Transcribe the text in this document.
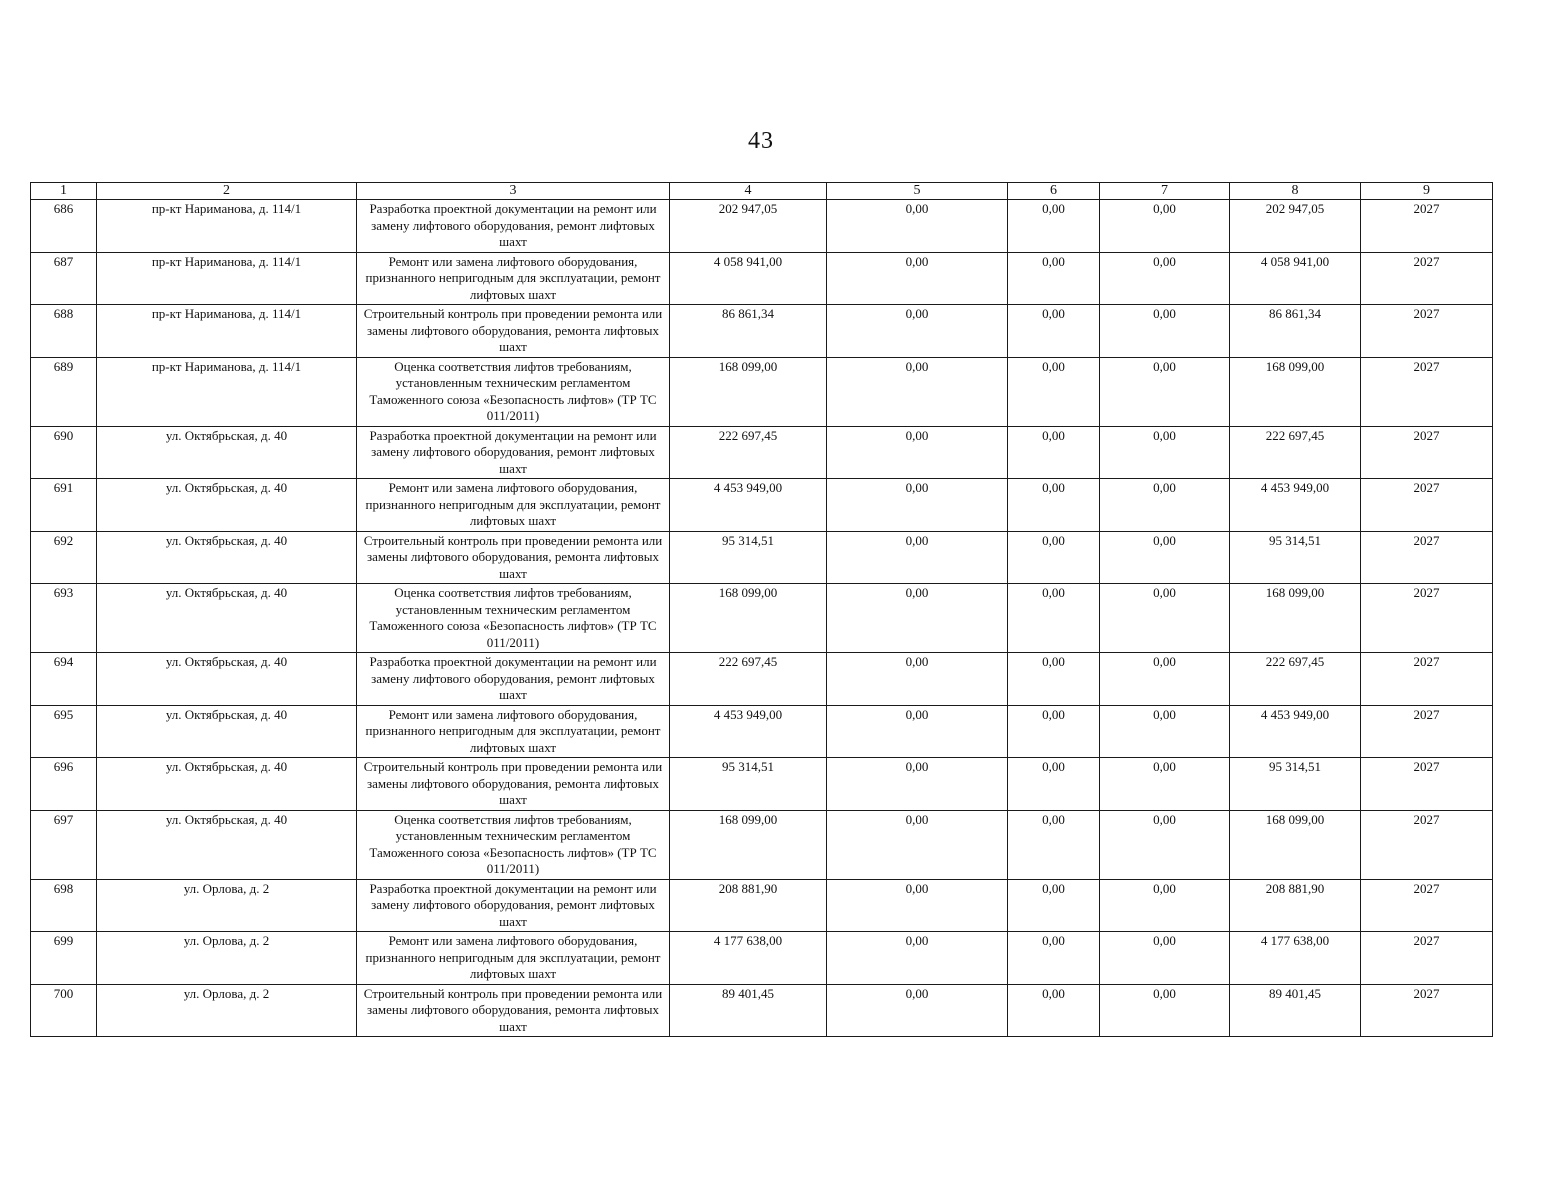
43
1	2	3	4	5	6	7	8	9
686	пр-кт Нариманова, д. 114/1	Разработка проектной документации на ремонт или замену лифтового оборудования, ремонт лифтовых шахт	202 947,05	0,00	0,00	0,00	202 947,05	2027
687	пр-кт Нариманова, д. 114/1	Ремонт или замена лифтового оборудования, признанного непригодным для эксплуатации, ремонт лифтовых шахт	4 058 941,00	0,00	0,00	0,00	4 058 941,00	2027
688	пр-кт Нариманова, д. 114/1	Строительный контроль при проведении ремонта или замены лифтового оборудования, ремонта лифтовых шахт	86 861,34	0,00	0,00	0,00	86 861,34	2027
689	пр-кт Нариманова, д. 114/1	Оценка соответствия лифтов требованиям, установленным техническим регламентом Таможенного союза «Безопасность лифтов» (ТР ТС 011/2011)	168 099,00	0,00	0,00	0,00	168 099,00	2027
690	ул. Октябрьская, д. 40	Разработка проектной документации на ремонт или замену лифтового оборудования, ремонт лифтовых шахт	222 697,45	0,00	0,00	0,00	222 697,45	2027
691	ул. Октябрьская, д. 40	Ремонт или замена лифтового оборудования, признанного непригодным для эксплуатации, ремонт лифтовых шахт	4 453 949,00	0,00	0,00	0,00	4 453 949,00	2027
692	ул. Октябрьская, д. 40	Строительный контроль при проведении ремонта или замены лифтового оборудования, ремонта лифтовых шахт	95 314,51	0,00	0,00	0,00	95 314,51	2027
693	ул. Октябрьская, д. 40	Оценка соответствия лифтов требованиям, установленным техническим регламентом Таможенного союза «Безопасность лифтов» (ТР ТС 011/2011)	168 099,00	0,00	0,00	0,00	168 099,00	2027
694	ул. Октябрьская, д. 40	Разработка проектной документации на ремонт или замену лифтового оборудования, ремонт лифтовых шахт	222 697,45	0,00	0,00	0,00	222 697,45	2027
695	ул. Октябрьская, д. 40	Ремонт или замена лифтового оборудования, признанного непригодным для эксплуатации, ремонт лифтовых шахт	4 453 949,00	0,00	0,00	0,00	4 453 949,00	2027
696	ул. Октябрьская, д. 40	Строительный контроль при проведении ремонта или замены лифтового оборудования, ремонта лифтовых шахт	95 314,51	0,00	0,00	0,00	95 314,51	2027
697	ул. Октябрьская, д. 40	Оценка соответствия лифтов требованиям, установленным техническим регламентом Таможенного союза «Безопасность лифтов» (ТР ТС 011/2011)	168 099,00	0,00	0,00	0,00	168 099,00	2027
698	ул. Орлова, д. 2	Разработка проектной документации на ремонт или замену лифтового оборудования, ремонт лифтовых шахт	208 881,90	0,00	0,00	0,00	208 881,90	2027
699	ул. Орлова, д. 2	Ремонт или замена лифтового оборудования, признанного непригодным для эксплуатации, ремонт лифтовых шахт	4 177 638,00	0,00	0,00	0,00	4 177 638,00	2027
700	ул. Орлова, д. 2	Строительный контроль при проведении ремонта или замены лифтового оборудования, ремонта лифтовых шахт	89 401,45	0,00	0,00	0,00	89 401,45	2027
